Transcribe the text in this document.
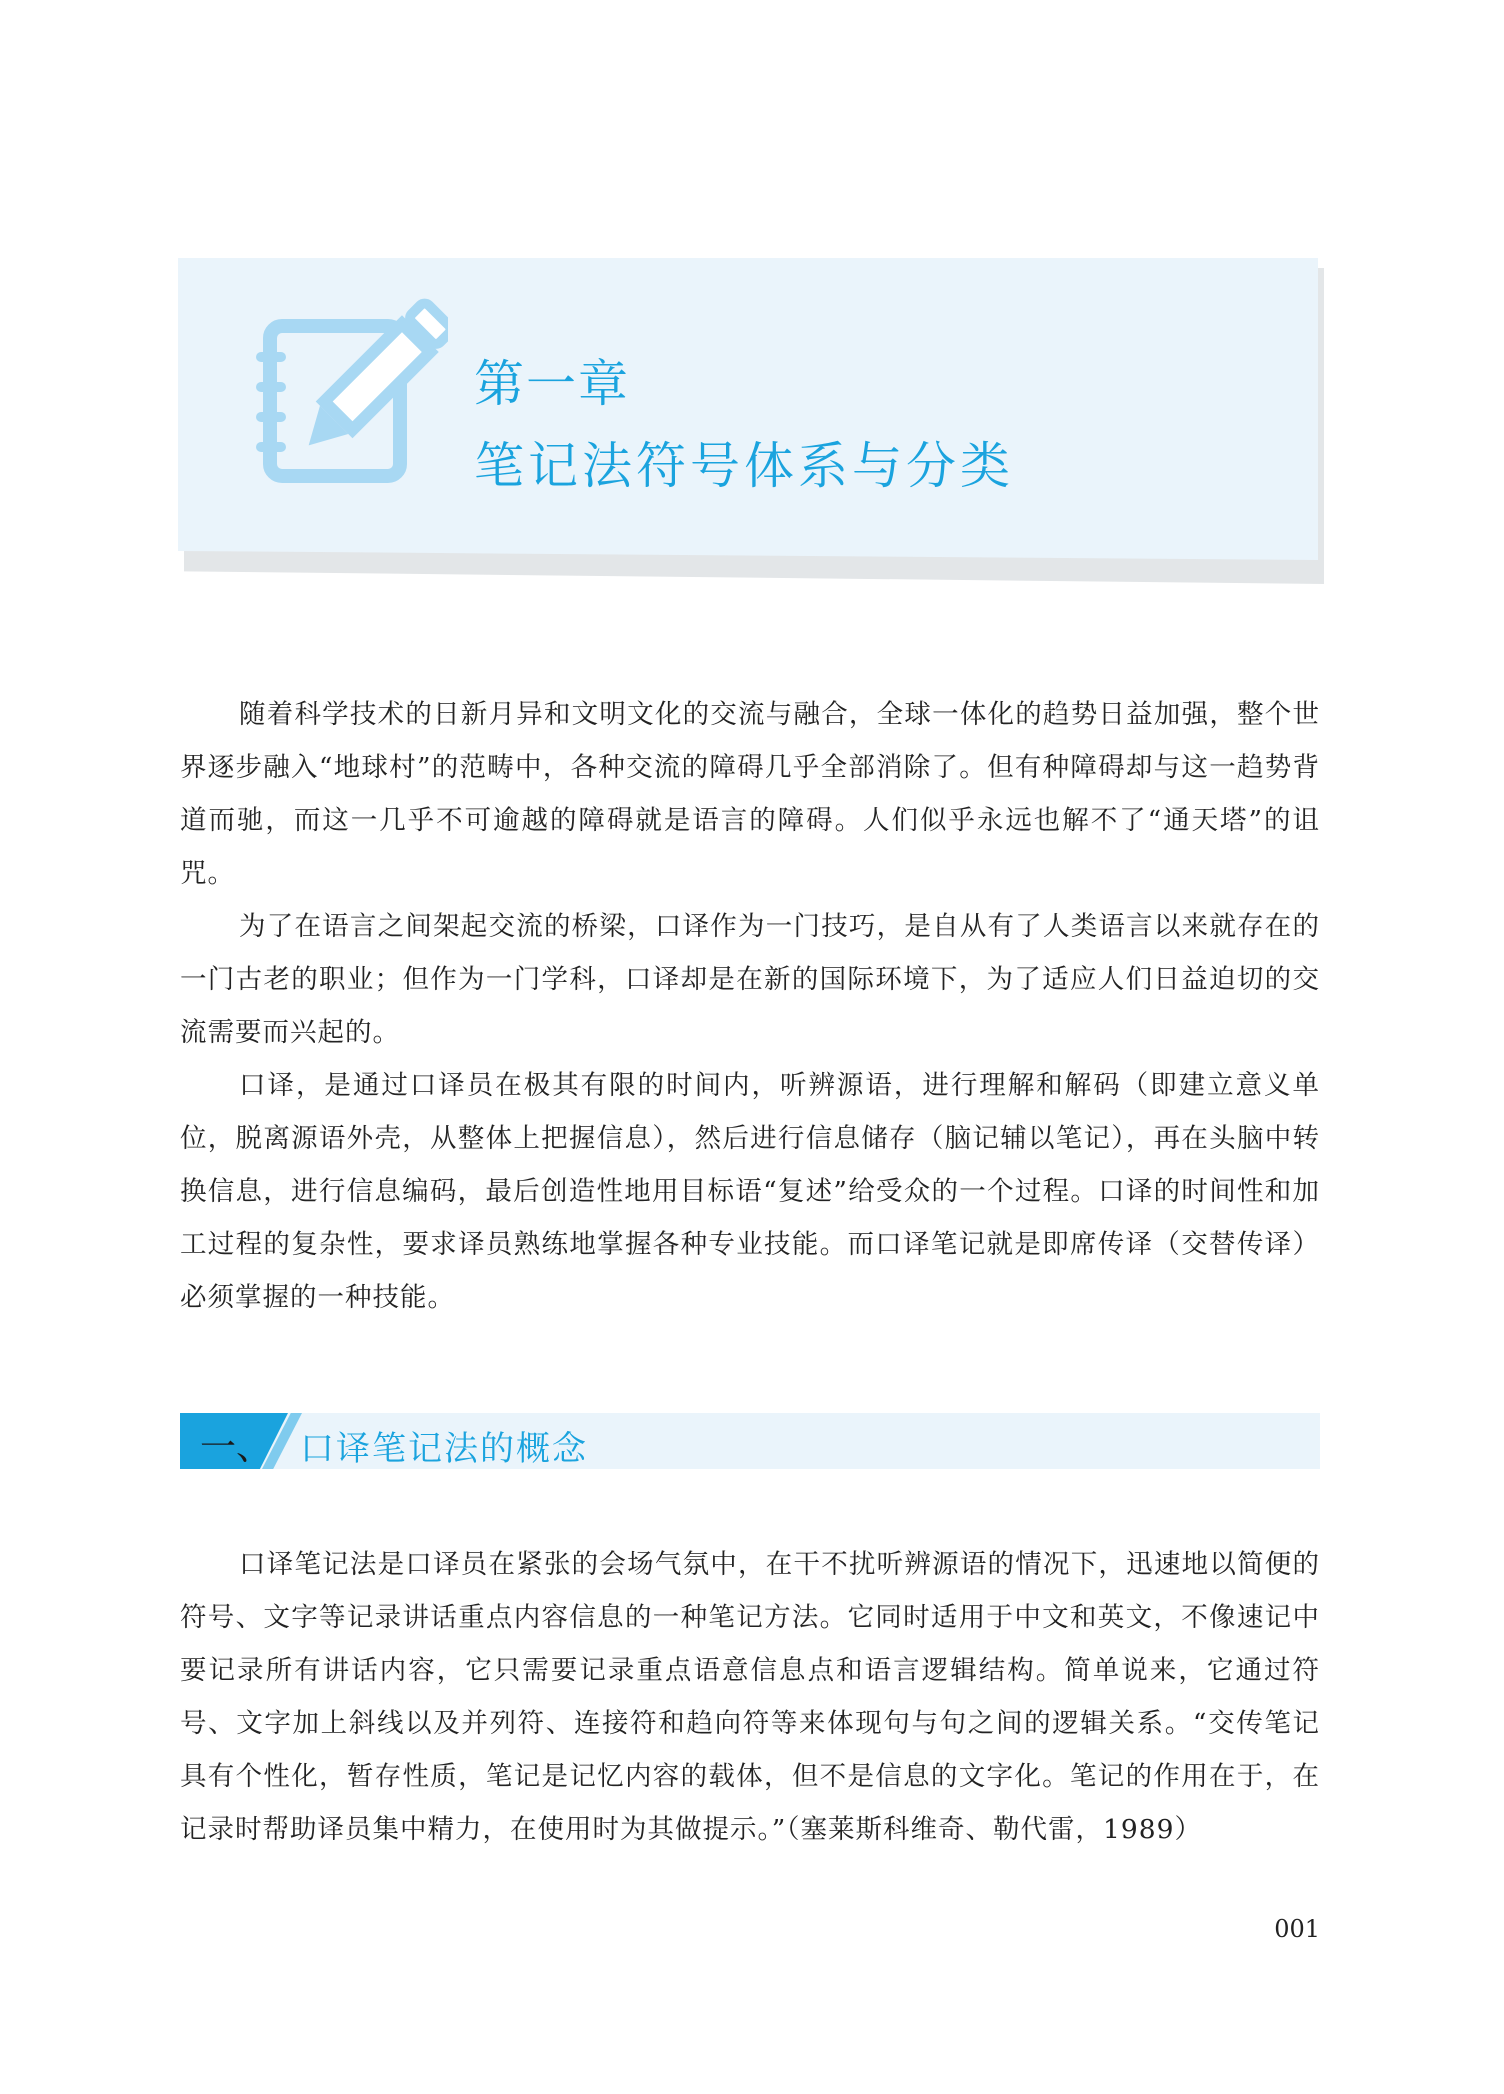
第一章
笔记法符号体系与分类

随着科学技术的日新月异和文明文化的交流与融合，全球一体化的趋势日益加强，整个世界逐步融入“地球村”的范畴中，各种交流的障碍几乎全部消除了。但有种障碍却与这一趋势背道而驰，而这一几乎不可逾越的障碍就是语言的障碍。人们似乎永远也解不了“通天塔”的诅咒。

为了在语言之间架起交流的桥梁，口译作为一门技巧，是自从有了人类语言以来就存在的一门古老的职业；但作为一门学科，口译却是在新的国际环境下，为了适应人们日益迫切的交流需要而兴起的。

口译，是通过口译员在极其有限的时间内，听辨源语，进行理解和解码（即建立意义单位，脱离源语外壳，从整体上把握信息），然后进行信息储存（脑记辅以笔记），再在头脑中转换信息，进行信息编码，最后创造性地用目标语“复述”给受众的一个过程。口译的时间性和加工过程的复杂性，要求译员熟练地掌握各种专业技能。而口译笔记就是即席传译（交替传译）必须掌握的一种技能。

一、 口译笔记法的概念

口译笔记法是口译员在紧张的会场气氛中，在干不扰听辨源语的情况下，迅速地以简便的符号、文字等记录讲话重点内容信息的一种笔记方法。它同时适用于中文和英文，不像速记中要记录所有讲话内容，它只需要记录重点语意信息点和语言逻辑结构。简单说来，它通过符号、文字加上斜线以及并列符、连接符和趋向符等来体现句与句之间的逻辑关系。“交传笔记具有个性化，暂存性质，笔记是记忆内容的载体，但不是信息的文字化。笔记的作用在于，在记录时帮助译员集中精力，在使用时为其做提示。”（塞莱斯科维奇、勒代雷，1989）

001
